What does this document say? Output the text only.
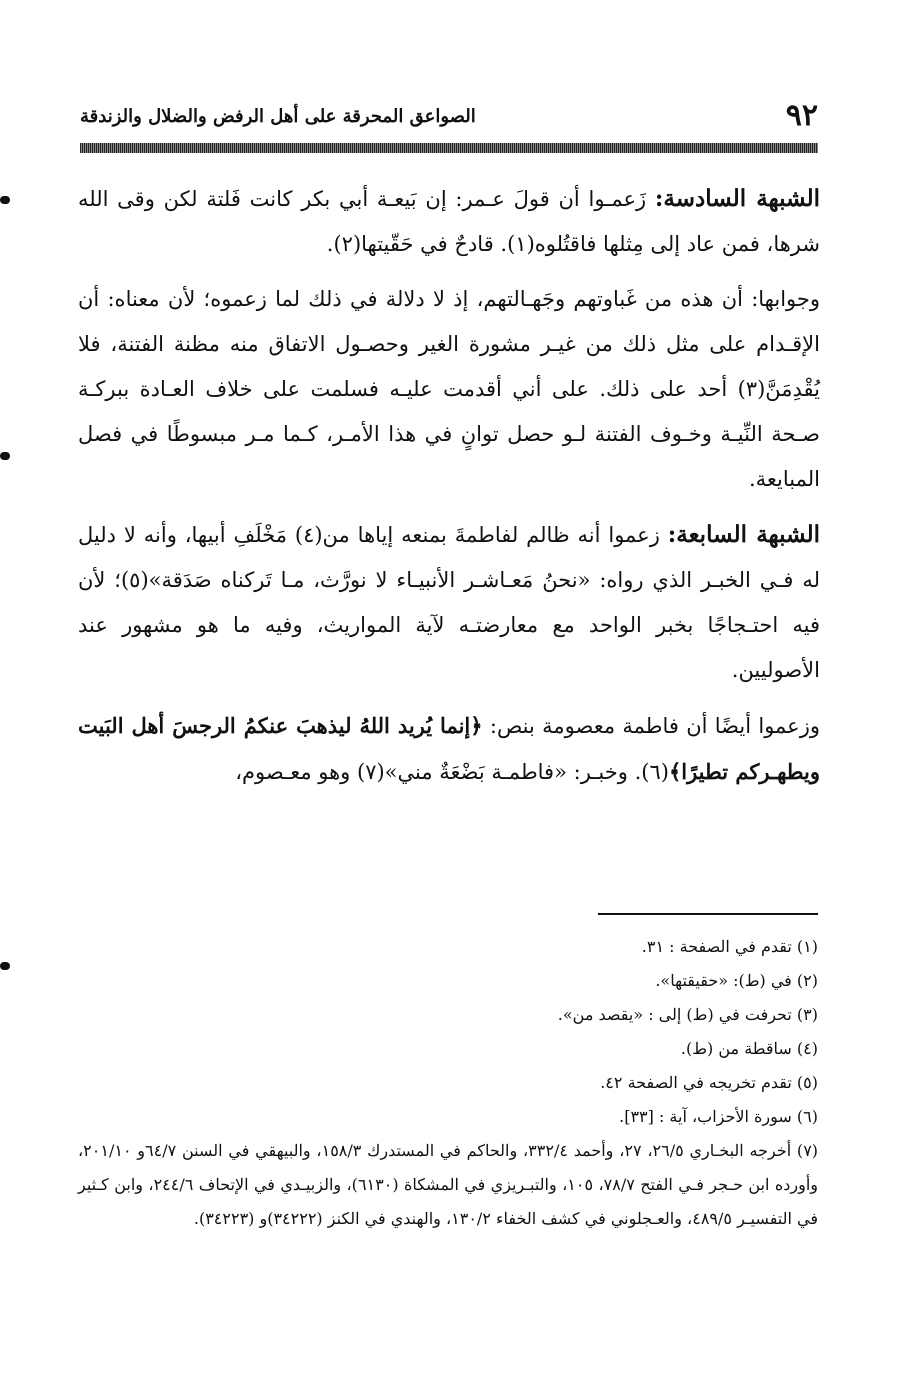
٩٢
الصواعق المحرقة على أهل الرفض والضلال والزندقة

الشبهة السادسة: زَعمـوا أن قولَ عـمر: إن بَيعـة أبي بكر كانت فَلتة لكن وقى الله شرها، فمن عاد إلى مِثلها فاقتُلوه(١). قادحٌ في حَقّيتها(٢).

وجوابها: أن هذه من غَباوتهم وجَهـالتهم، إذ لا دلالة في ذلك لما زعموه؛ لأن معناه: أن الإقـدام على مثل ذلك من غيـر مشورة الغير وحصـول الاتفاق منه مظنة الفتنة، فلا يُقْدِمَنَّ(٣) أحد على ذلك. على أني أقدمت عليـه فسلمت على خلاف العـادة ببركـة صـحة النِّيـة وخـوف الفتنة لـو حصل توانٍ في هذا الأمـر، كـما مـر مبسوطًا في فصل المبايعة.

الشبهة السابعة: زعموا أنه ظالم لفاطمةَ بمنعه إياها من(٤) مَخْلَفِ أبيها، وأنه لا دليل له فـي الخبـر الذي رواه: «نحنُ مَعـاشـر الأنبيـاء لا نورَّث، مـا تَركناه صَدَقة»(٥)؛ لأن فيه احتـجاجًا بخبر الواحد مع معارضتـه لآية المواريث، وفيه ما هو مشهور عند الأصوليين.

وزعموا أيضًا أن فاطمة معصومة بنص: ﴿إنما يُريد اللهُ ليذهبَ عنكمُ الرجسَ أهل البَيت ويطهـركم تطيرًا﴾(٦). وخبـر: «فاطمـة بَضْعَةٌ مني»(٧) وهو معـصوم،

(١) تقدم في الصفحة : ٣١.

(٢) في (ط): «حقيقتها».

(٣) تحرفت في (ط) إلى : «يقصد من».

(٤) ساقطة من (ط).

(٥) تقدم تخريجه في الصفحة ٤٢.

(٦) سورة الأحزاب، آية : [٣٣].

(٧) أخرجه البخـاري ٢٦/٥، ٢٧، وأحمد ٣٣٢/٤، والحاكم في المستدرك ١٥٨/٣، والبيهقي في السنن ٦٤/٧و ٢٠١/١٠، وأورده ابن حـجر فـي الفتح ٧٨/٧، ١٠٥، والتبـريزي في المشكاة (٦١٣٠)، والزبيـدي في الإتحاف ٢٤٤/٦، وابن كـثير في التفسيـر ٤٨٩/٥، والعـجلوني في كشف الخفاء ١٣٠/٢، والهندي في الكنز (٣٤٢٢٢)و (٣٤٢٢٣).
